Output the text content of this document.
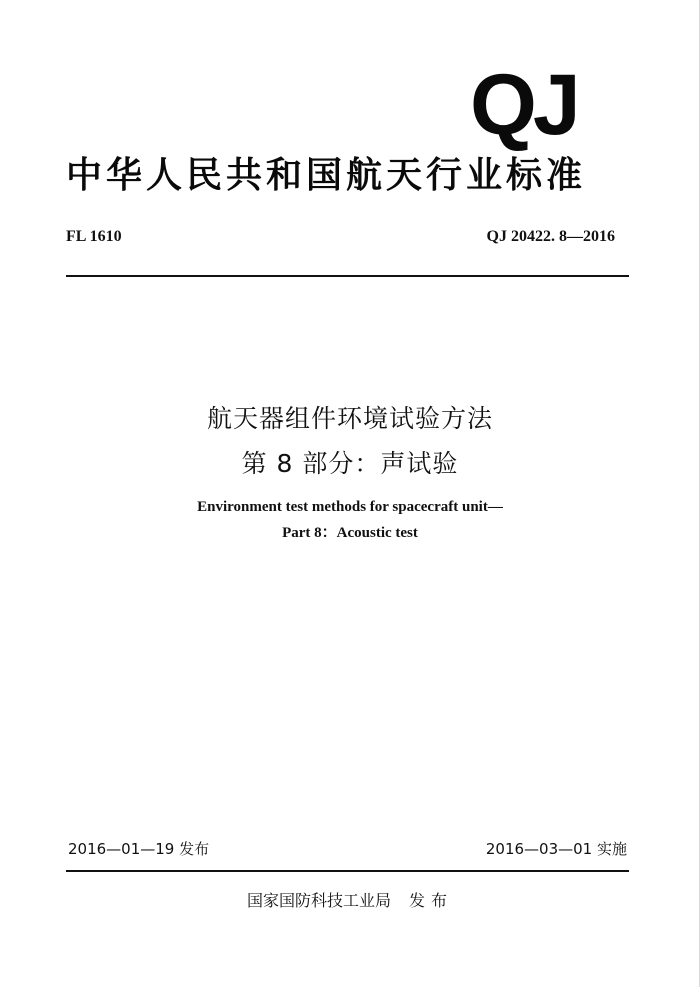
QJ
中华人民共和国航天行业标准
FL 1610	QJ 20422. 8—2016
航天器组件环境试验方法
第 8 部分：声试验
Environment test methods for spacecraft unit—
Part 8：Acoustic test
2016—01—19 发布	2016—03—01 实施
国家国防科技工业局 发布
